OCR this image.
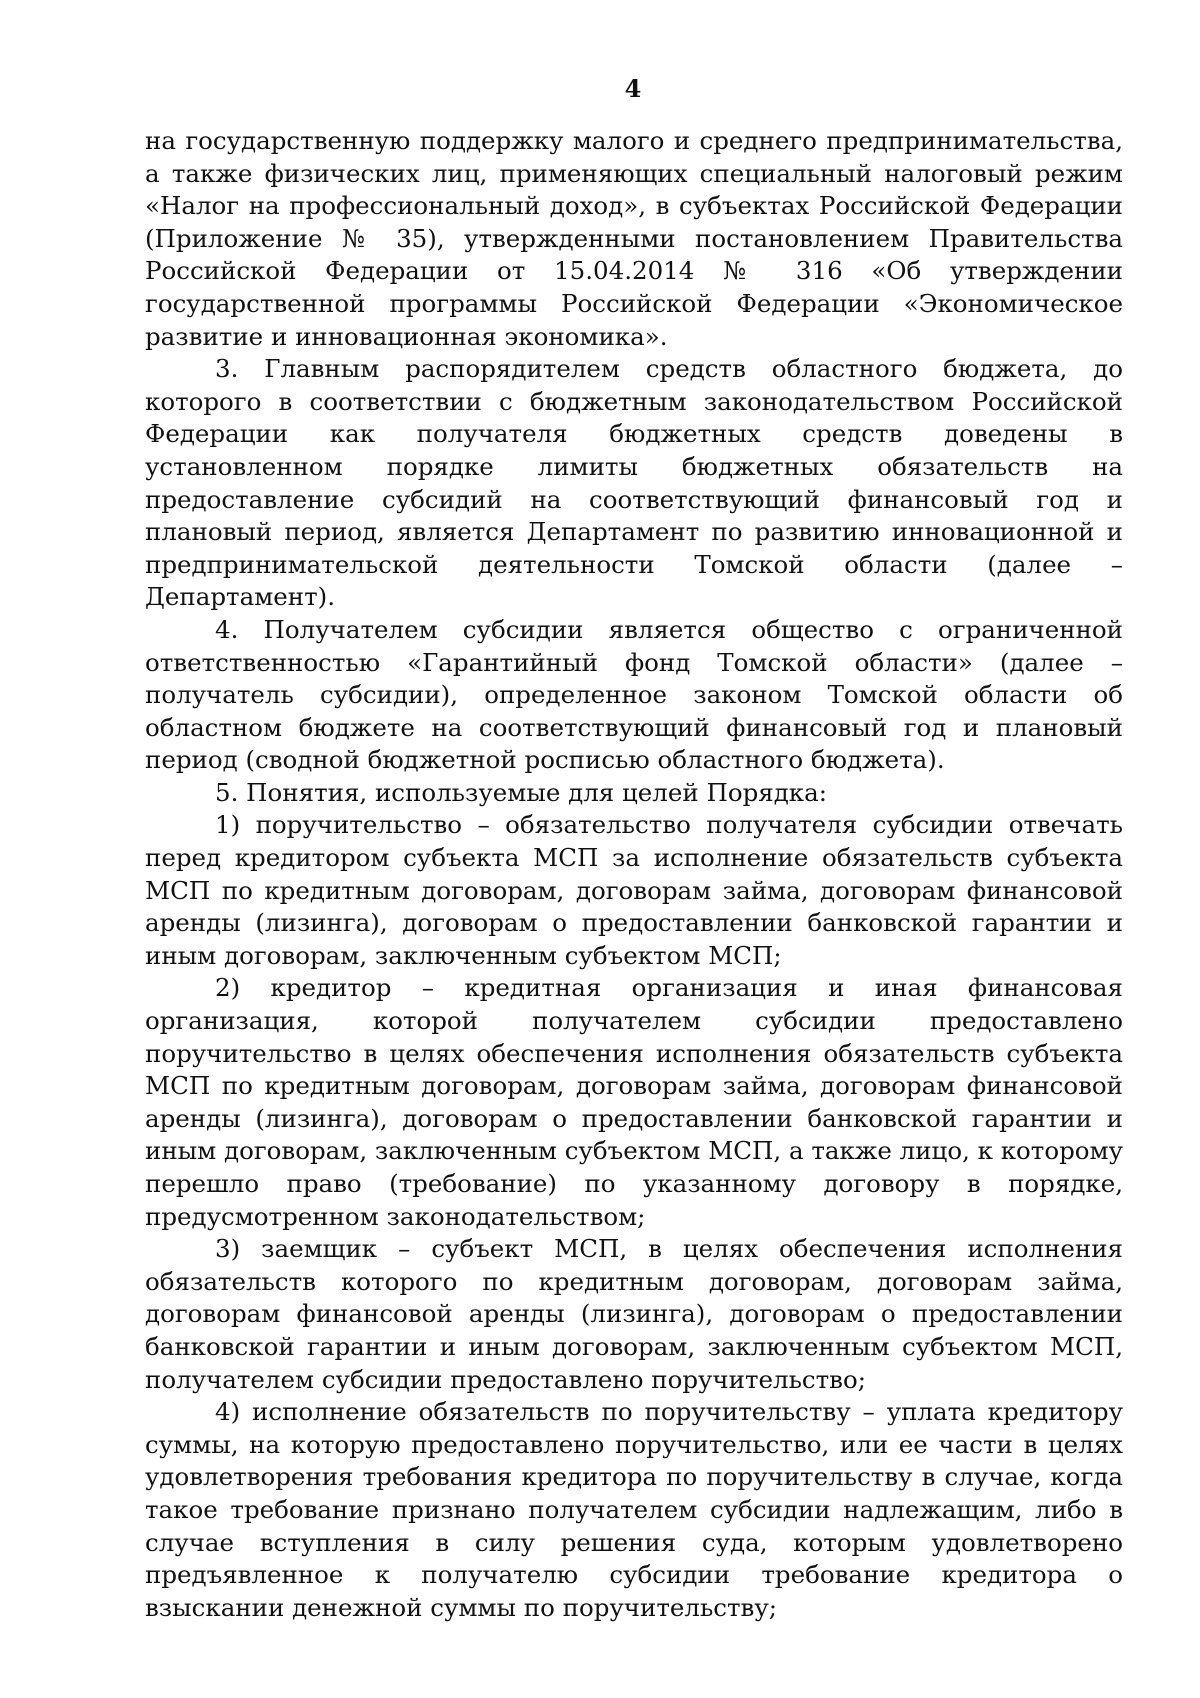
4

на государственную поддержку малого и среднего предпринимательства, а также физических лиц, применяющих специальный налоговый режим «Налог на профессиональный доход», в субъектах Российской Федерации (Приложение № 35), утвержденными постановлением Правительства Российской Федерации от 15.04.2014 № 316 «Об утверждении государственной программы Российской Федерации «Экономическое развитие и инновационная экономика».

3. Главным распорядителем средств областного бюджета, до которого в соответствии с бюджетным законодательством Российской Федерации как получателя бюджетных средств доведены в установленном порядке лимиты бюджетных обязательств на предоставление субсидий на соответствующий финансовый год и плановый период, является Департамент по развитию инновационной и предпринимательской деятельности Томской области (далее – Департамент).

4. Получателем субсидии является общество с ограниченной ответственностью «Гарантийный фонд Томской области» (далее – получатель субсидии), определенное законом Томской области об областном бюджете на соответствующий финансовый год и плановый период (сводной бюджетной росписью областного бюджета).

5. Понятия, используемые для целей Порядка:

1) поручительство – обязательство получателя субсидии отвечать перед кредитором субъекта МСП за исполнение обязательств субъекта МСП по кредитным договорам, договорам займа, договорам финансовой аренды (лизинга), договорам о предоставлении банковской гарантии и иным договорам, заключенным субъектом МСП;

2) кредитор – кредитная организация и иная финансовая организация, которой получателем субсидии предоставлено поручительство в целях обеспечения исполнения обязательств субъекта МСП по кредитным договорам, договорам займа, договорам финансовой аренды (лизинга), договорам о предоставлении банковской гарантии и иным договорам, заключенным субъектом МСП, а также лицо, к которому перешло право (требование) по указанному договору в порядке, предусмотренном законодательством;

3) заемщик – субъект МСП, в целях обеспечения исполнения обязательств которого по кредитным договорам, договорам займа, договорам финансовой аренды (лизинга), договорам о предоставлении банковской гарантии и иным договорам, заключенным субъектом МСП, получателем субсидии предоставлено поручительство;

4) исполнение обязательств по поручительству – уплата кредитору суммы, на которую предоставлено поручительство, или ее части в целях удовлетворения требования кредитора по поручительству в случае, когда такое требование признано получателем субсидии надлежащим, либо в случае вступления в силу решения суда, которым удовлетворено предъявленное к получателю субсидии требование кредитора о взыскании денежной суммы по поручительству;
